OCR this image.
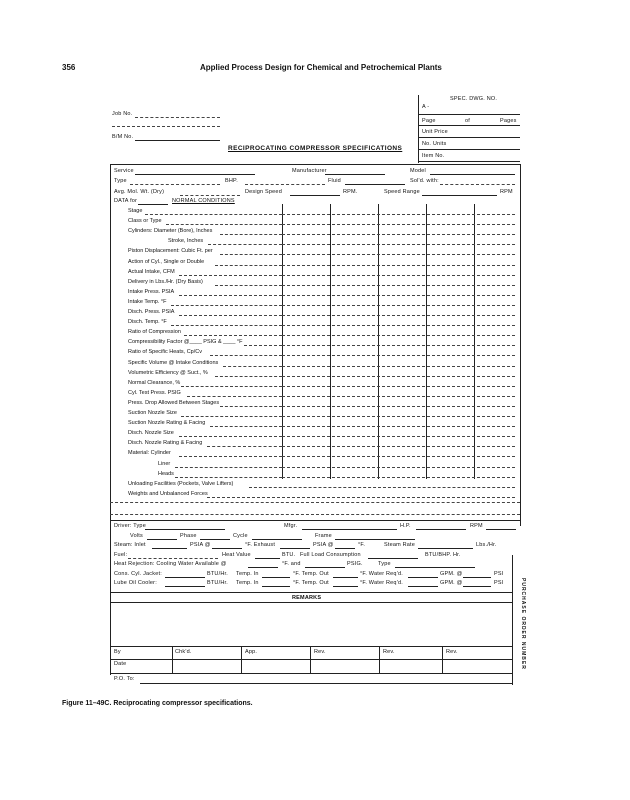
356	Applied Process Design for Chemical and Petrochemical Plants
SPEC. DWG. NO.
A -
Page	of	Pages
Unit Price
No. Units
Item No.
Job No.
B/M No.
RECIPROCATING COMPRESSOR SPECIFICATIONS
Service	Manufacturer	Model
Type	BHP.	Fluid	Sol'd. with:
Avg. Mol. Wt. (Dry)	Design Speed	RPM.	Speed Range	RPM
DATA for	NORMAL CONDITIONS
Stage
Class or Type
Cylinders: Diameter (Bore), Inches
Stroke, Inches
Piston Displacement: Cubic Ft. per
Action of Cyl., Single or Double
Actual Intake, CFM
Delivery in Lbs./Hr. (Dry Basis)
Intake Press. PSIA
Intake Temp. °F
Disch. Press. PSIA
Disch. Temp. °F
Ratio of Compression
Compressibility Factor @____ PSIG & ____ °F
Ratio of Specific Heats, Cp/Cv
Specific Volume @ Intake Conditions
Volumetric Efficiency @ Suct., %
Normal Clearance, %
Cyl. Test Press. PSIG
Press. Drop Allowed Between Stages
Suction Nozzle Size
Suction Nozzle Rating & Facing
Disch. Nozzle Size
Disch. Nozzle Rating & Facing
Material: Cylinder
Liner
Heads
Unloading Facilities (Pockets, Valve Lifters)
Weights and Unbalanced Forces
Driver: Type	Mfgr.	H.P.	RPM
Volts	Phase	Cycle	Frame
Steam: Inlet	PSIA @	°F. Exhaust	PSIA @	°F.	Steam Rate	Lbs./Hr.
Fuel:	Heat Value	BTU. Full Load Consumption	BTU/BHP. Hr.
Heat Rejection: Cooling Water Available @	°F. and	PSIG.	Type
Cons. Cyl. Jacket:	BTU/Hr. Temp. In	°F. Temp. Out	°F. Water Req'd.	GPM. @	PSI
Lube Oil Cooler:	BTU/Hr. Temp. In	°F. Temp. Out	°F. Water Req'd.	GPM. @	PSI
REMARKS
By	Chk'd.	App.	Rev.	Rev.	Rev.
Date
P.O. To:
PURCHASE ORDER NUMBER
Figure 11–49C. Reciprocating compressor specifications.
